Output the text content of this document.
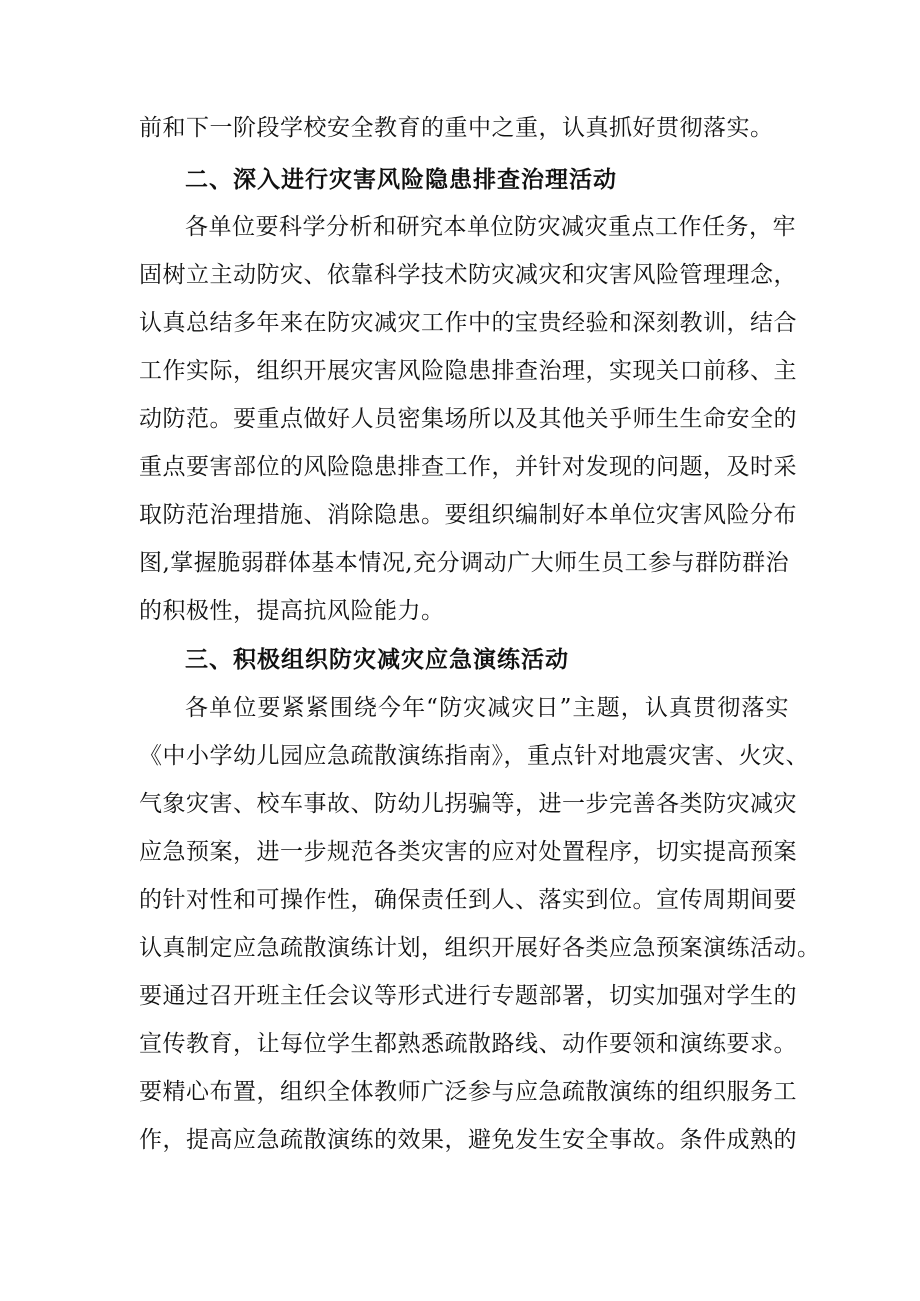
前和下一阶段学校安全教育的重中之重，认真抓好贯彻落实。
二、深入进行灾害风险隐患排查治理活动
各单位要科学分析和研究本单位防灾减灾重点工作任务，牢
固树立主动防灾、依靠科学技术防灾减灾和灾害风险管理理念，
认真总结多年来在防灾减灾工作中的宝贵经验和深刻教训，结合
工作实际，组织开展灾害风险隐患排查治理，实现关口前移、主
动防范。要重点做好人员密集场所以及其他关乎师生生命安全的
重点要害部位的风险隐患排查工作，并针对发现的问题，及时采
取防范治理措施、消除隐患。要组织编制好本单位灾害风险分布
图,掌握脆弱群体基本情况,充分调动广大师生员工参与群防群治
的积极性，提高抗风险能力。
三、积极组织防灾减灾应急演练活动
各单位要紧紧围绕今年“防灾减灾日”主题，认真贯彻落实
《中小学幼儿园应急疏散演练指南》，重点针对地震灾害、火灾、
气象灾害、校车事故、防幼儿拐骗等，进一步完善各类防灾减灾
应急预案，进一步规范各类灾害的应对处置程序，切实提高预案
的针对性和可操作性，确保责任到人、落实到位。宣传周期间要
认真制定应急疏散演练计划，组织开展好各类应急预案演练活动。
要通过召开班主任会议等形式进行专题部署，切实加强对学生的
宣传教育，让每位学生都熟悉疏散路线、动作要领和演练要求。
要精心布置，组织全体教师广泛参与应急疏散演练的组织服务工
作，提高应急疏散演练的效果，避免发生安全事故。条件成熟的
